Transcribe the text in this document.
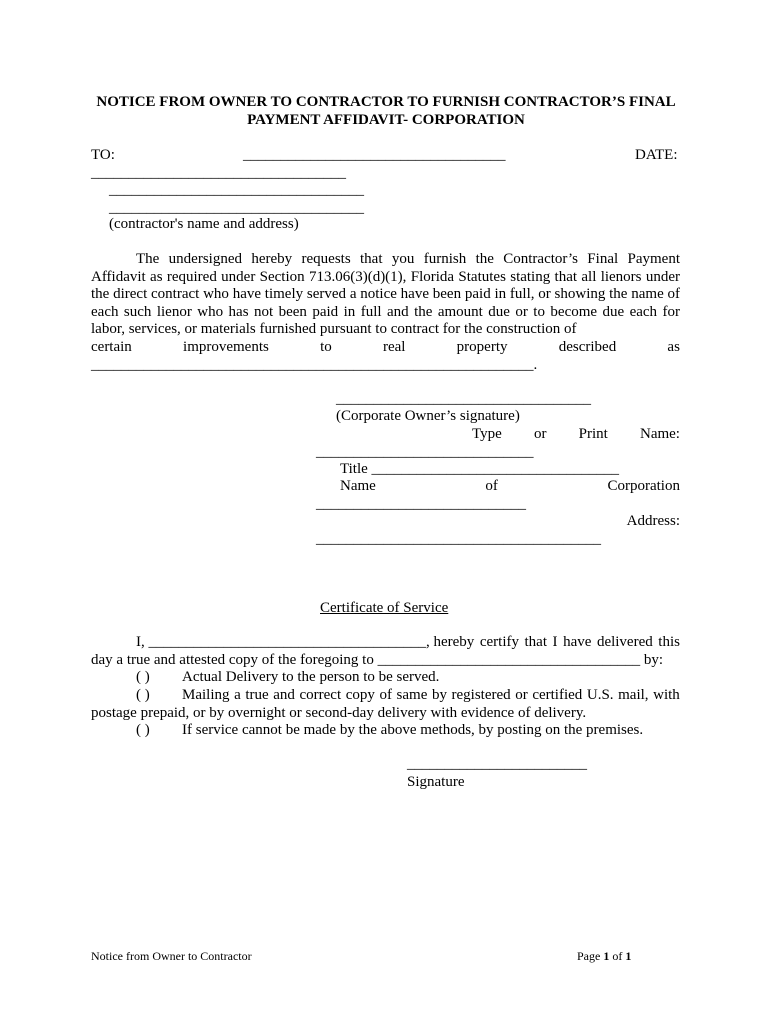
NOTICE FROM OWNER TO CONTRACTOR TO FURNISH CONTRACTOR’S FINAL
PAYMENT AFFIDAVIT- CORPORATION
TO:	___________________________________	DATE:
__________________________________
__________________________________
__________________________________
(contractor's name and address)
The undersigned hereby requests that you furnish the Contractor’s Final Payment Affidavit as required under Section 713.06(3)(d)(1), Florida Statutes stating that all lienors under the direct contract who have timely served a notice have been paid in full, or showing the name of each such lienor who has not been paid in full and the amount due or to become due each for labor, services, or materials furnished pursuant to contract for the construction of
certain	improvements	to	real	property	described	as
___________________________________________________________.
__________________________________
(Corporate Owner’s signature)
Type or Print Name:
_____________________________
Title _________________________________
Name	of	Corporation
____________________________
Address:
______________________________________
Certificate of Service
I, _____________________________________, hereby certify that I have delivered this
day a true and attested copy of the foregoing to ___________________________________ by:
( ) Actual Delivery to the person to be served.
( ) Mailing a true and correct copy of same by registered or certified U.S. mail, with
postage prepaid, or by overnight or second-day delivery with evidence of delivery.
( ) If service cannot be made by the above methods, by posting on the premises.
________________________
Signature
Notice from Owner to Contractor	Page 1 of 1
